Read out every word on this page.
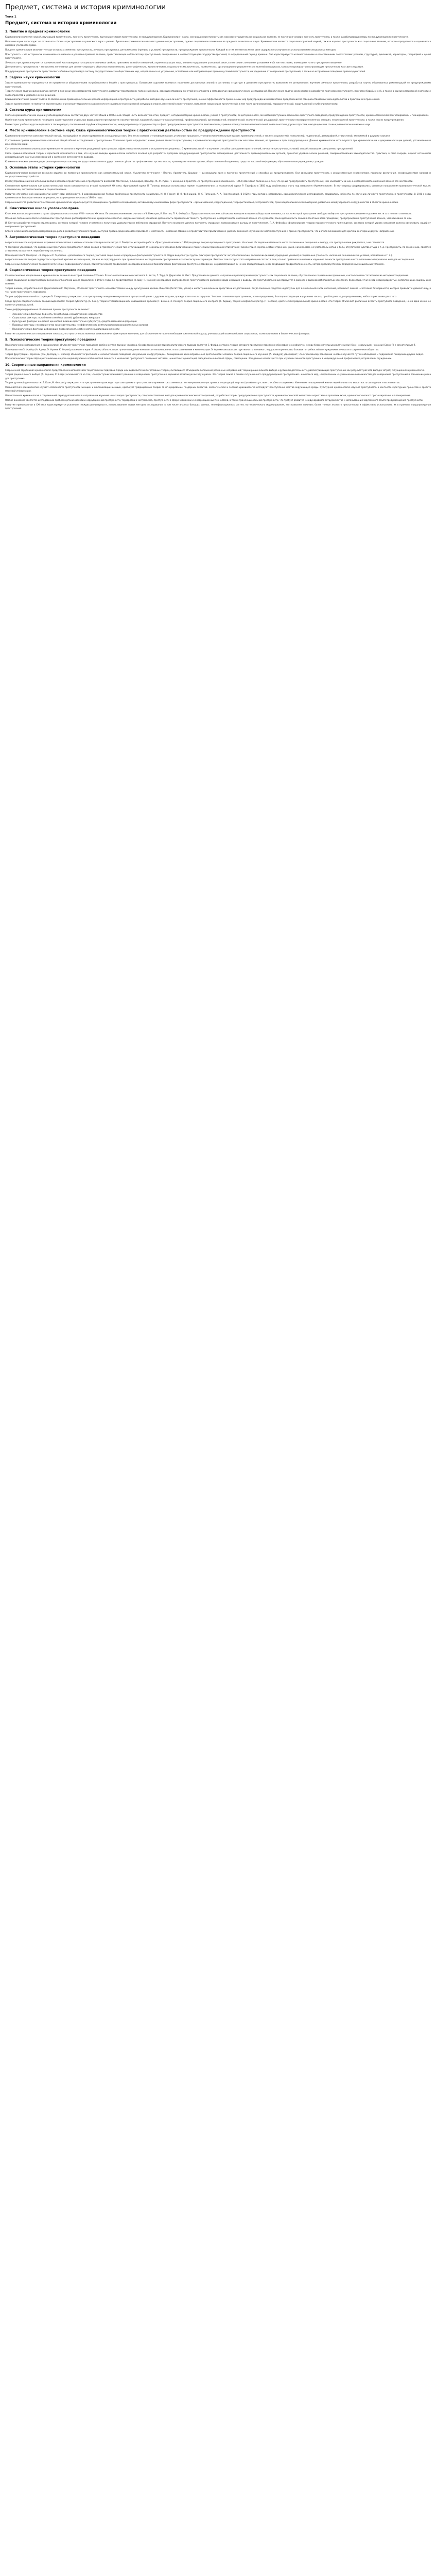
Предмет, система и история криминологии
Тема 1
Предмет, система и история криминологии
1. Понятие и предмет криминологии

Криминология является наукой, изучающей преступность, личность преступника, причины и условия преступности, ее предупреждение. Криминология – наука, изучающая преступность как массовое отрицательное социальное явление, ее причины и условия, личность преступника, а также вырабатывающая меры по предупреждению преступности.

Название науки происходит от латинского crimen – преступление и греческого logos – учение. Буквально криминология означает учение о преступлении, однако современное понимание ее предмета значительно шире. Криминология является социально-правовой наукой, так как изучает преступность как социальное явление, которое определяется и оценивается нормами уголовного права.

Предмет криминологии включает четыре основных элемента: преступность, личность преступника, детерминанты (причины и условия) преступности, предупреждение преступности. Каждый из этих элементов имеет свое содержание и изучается с использованием специальных методов.

Преступность – это исторически изменчивое социальное и уголовно-правовое явление, представляющее собой систему преступлений, совершенных в соответствующем государстве (регионе) за определенный период времени. Она характеризуется количественными и качественными показателями: уровнем, структурой, динамикой, характером, географией и ценой преступности.

Личность преступника изучается криминологией как совокупность социально значимых свойств, признаков, связей и отношений, характеризующих лицо, виновно нарушившее уголовный закон, в сочетании с внешними условиями и обстоятельствами, влияющими на его преступное поведение.

Детерминанты преступности – это система негативных для соответствующего общества экономических, демографических, идеологических, социально-психологических, политических, организационно-управленческих явлений и процессов, которые порождают и воспроизводят преступность как свое следствие.

Предупреждение преступности представляет собой многоуровневую систему государственных и общественных мер, направленных на устранение, ослабление или нейтрализацию причин и условий преступности, на удержание от совершения преступлений, а также на исправление поведения правонарушителей.

2. Задачи науки криминологии

Задачи криминологии определяются ее предметом и общественными потребностями в борьбе с преступностью. Основными задачами являются: получение достоверных знаний о состоянии, структуре и динамике преступности; выявление ее детерминант; изучение личности преступника; разработка научно обоснованных рекомендаций по предупреждению преступлений.

Теоретические задачи криминологии состоят в познании закономерностей преступности, развитии теоретических положений науки, совершенствовании понятийного аппарата и методологии криминологических исследований. Практические задачи заключаются в разработке прогнозов преступности, программ борьбы с ней, а также в криминологической экспертизе законопроектов и управленческих решений.

Криминология также решает задачи по обеспечению правоохранительных органов информацией о преступности, разработке методик изучения личности преступника, оценке эффективности применяемых мер предупреждения и подготовке предложений по совершенствованию законодательства и практики его применения.

Задачи криминологии не являются неизменными: они конкретизируются в зависимости от социально-экономической ситуации в стране, изменений в преступности, появления новых видов преступлений, в том числе организованной, террористической, коррупционной и киберпреступности.

3. Система курса криминологии

Система криминологии как науки и учебной дисциплины состоит из двух частей: Общей и Особенной. Общая часть включает понятие, предмет, методы и историю криминологии, учение о преступности, ее детерминантах, личности преступника, механизме преступного поведения, предупреждении преступности, криминологическом прогнозировании и планировании.

Особенная часть криминологии посвящена характеристике отдельных видов и групп преступности: насильственной, корыстной, корыстно-насильственной, профессиональной, организованной, экономической, экологической, рецидивной, преступности несовершеннолетних, женщин, неосторожной преступности, а также мер их предупреждения.

В некоторых учебных курсах выделяется также раздел, посвященный зарубежной криминологии, международному сотрудничеству в сфере предупреждения преступности, виктимологии, криминологии уголовно-исполнительной деятельности и другим отраслям, находящимся на стыке криминологии и смежных наук.

4. Место криминологии в системе наук. Связь криминологической теории с практической деятельностью по предупреждению преступности

Криминология является самостоятельной наукой, находящейся на стыке юридических и социальных наук. Она тесно связана с уголовным правом, уголовным процессом, уголовно-исполнительным правом, криминалистикой, а также с социологией, психологией, педагогикой, демографией, статистикой, экономикой и другими науками.

С уголовным правом криминологию связывает общий объект исследования – преступление. Уголовное право определяет, какие деяния являются преступными, а криминология изучает преступность как массовое явление, ее причины и пути предупреждения. Данные криминологии используются при криминализации и декриминализации деяний, установлении и изменении санкций.

С уголовно-исполнительным правом криминология связана в изучении рецидивной преступности, эффективности наказания и исправления осужденных. С криминалистикой – в изучении способов совершения преступлений, личности преступника, условий, способствовавших совершению преступлений.

Связь криминологической теории с практикой проявляется в том, что научные выводы криминологии являются основой для разработки программ предупреждения преступности, планирования деятельности правоохранительных органов, принятия управленческих решений, совершенствования законодательства. Практика, в свою очередь, служит источником информации для научных исследований и критерием истинности их выводов.

Криминологические рекомендации реализуются через систему государственных и негосударственных субъектов профилактики: органы власти, правоохранительные органы, общественные объединения, средства массовой информации, образовательные учреждения, граждан.

5. Основные этапы истории криминологии

Криминологические воззрения возникли задолго до появления криминологии как самостоятельной науки. Мыслители античности – Платон, Аристотель, Цицерон – высказывали идеи о причинах преступлений и способах их предупреждения. Они связывали преступность с имущественным неравенством, пороками воспитания, несовершенством законов и государственного устройства.

В эпоху Просвещения значительный вклад в развитие представлений о преступности внесли Ш. Монтескье, Ч. Беккариа, Вольтер, Ж.-Ж. Руссо. Ч. Беккариа в трактате «О преступлениях и наказаниях» (1764) обосновал положение о том, что лучше предупреждать преступления, чем наказывать за них, а неотвратимость наказания важнее его жестокости.

Становление криминологии как самостоятельной науки связывается со второй половиной XIX века. Французский юрист П. Топинар впервые использовал термин «криминология», а итальянский юрист Р. Гарофало в 1885 году опубликовал книгу под названием «Криминология». В этот период сформировались основные направления криминологической мысли: классическое, антропологическое и социологическое.

Развитие отечественной криминологии имеет свои особенности. В дореволюционной России проблемами преступности занимались М. Н. Гернет, И. Я. Фойницкий, Н. С. Таганцев, А. А. Пионтковский. В 1920-е годы активно развивались криминологические исследования, создавались кабинеты по изучению личности преступника и преступности. В 1930-е годы криминология была фактически запрещена, ее возрождение началось в 1960-е годы.

Современный этап развития отечественной криминологии характеризуется расширением предмета исследований, активным изучением новых форм преступности – организованной, коррупционной, террористической, экстремистской, транснациональной и компьютерной, развитием международного сотрудничества в области криминологии.

6. Классическая школа уголовного права

Классическая школа уголовного права сформировалась в конце XVIII – начале XIX века. Ее основоположниками считаются Ч. Беккариа, И. Бентам, П. А. Фейербах. Представители классической школы исходили из идеи свободы воли человека, согласно которой преступник свободно выбирает преступное поведение и должен нести за это ответственность.

Основные положения классической школы: преступление рассматривается как юридическое понятие, нарушение закона; наказание должно быть соразмерным тяжести преступления; неотвратимость наказания важнее его суровости; закон должен быть ясным и понятным всем гражданам; предупреждение преступлений важнее, чем наказание за них.

И. Бентам разработал теорию утилитаризма, согласно которой человек стремится к получению удовольствия и избеганию страданий. Поэтому наказание должно причинять страдание, превосходящее выгоду от преступления. П. А. Фейербах сформулировал теорию психологического принуждения, согласно которой угроза наказания должна удерживать людей от совершения преступлений.

Классическая школа сыграла прогрессивную роль в развитии уголовного права, выступив против средневекового произвола и жестокости наказаний. Однако ее представители практически не уделяли внимания изучению личности преступника и причин преступности, что и стало основанием для критики со стороны других направлений.

7. Антропологическая теория преступного поведения

Антропологическое направление в криминологии связано с именем итальянского врача-психиатра Ч. Ломброзо, который в работе «Преступный человек» (1876) выдвинул теорию врожденного преступника. На основе обследования большого числа заключенных он пришел к выводу, что преступниками рождаются, а не становятся.

Ч. Ломброзо утверждал, что врожденный преступник представляет собой особый антропологический тип, отличающийся от нормального человека физическими и психическими признаками (стигматами): асимметрией черепа, особым строением ушей, низким лбом, нечувствительностью к боли, отсутствием чувства стыда и т. д. Преступность, по его мнению, является атавизмом, возвратом к первобытному состоянию.

Последователи Ч. Ломброзо – Э. Ферри и Р. Гарофало – дополнили его теорию, учитывая социальные и природные факторы преступности. Э. Ферри выделял три группы факторов преступности: антропологические, физические (климат, природные условия) и социальные (плотность населения, экономические условия, воспитание и т. п.).

Антропологическая теория подверглась серьезной критике как ненаучная, так как не подтвердилась при сравнительных исследованиях преступников и законопослушных граждан. Вместе с тем заслуга этого направления состоит в том, что оно привлекло внимание к изучению личности преступника и использованию эмпирических методов исследования.

Современные биологические теории (генетические, эндокринологические, психиатрические) продолжают исследования влияния биологических факторов на преступное поведение, но рассматривают их не как определяющие, а как создающие предрасположенность, которая реализуется при определенных социальных условиях.

8. Социологическая теория преступного поведения

Социологическое направление в криминологии возникло во второй половине XIX века. Его основоположниками считаются А. Кетле, Г. Тард, Э. Дюркгейм, Ф. Лист. Представители данного направления рассматривали преступность как социальное явление, обусловленное социальными причинами, и использовали статистические методы исследования.

Теория социальной дезорганизации возникла в Чикагской школе социологии в 1920-е годы. Ее представители (К. Шоу, Г. Маккей) исследовали распределение преступности по районам города и пришли к выводу, что преступность концентрируется в районах с высокой мобильностью населения, бедностью, этнической неоднородностью, ослабленными социальными связями.

Теория аномии, разработанная Э. Дюркгеймом и Р. Мертоном, объясняет преступность несоответствием между культурными целями общества (богатство, успех) и институциональными средствами их достижения. Когда законные средства недоступны для значительной части населения, возникает аномия – состояние безнормности, которое приводит к девиантному, в том числе преступному, поведению.

Теория дифференциальной ассоциации Э. Сатерленда утверждает, что преступному поведению научаются в процессе общения с другими людьми, прежде всего в малых группах. Человек становится преступником, если определения, благоприятствующие нарушению закона, преобладают над определениями, неблагоприятными для этого.

Среди других социологических теорий выделяются: теория субкультур (А. Коэн), теория стигматизации или навешивания ярлыков (Г. Беккер, Э. Лемерт), теория социального контроля (Т. Хирши), теория конфликта культур (Т. Селлин), критическая (радикальная) криминология. Эти теории объясняют различные аспекты преступного поведения, но ни одна из них не является универсальной.

Такие дифференцированные объяснения причин преступности включают:

• Экономические факторы: бедность, безработица, имущественное неравенство
• Социальные факторы: ослабление семейных связей, урбанизация, миграция
• Культурные факторы: конфликт ценностей, влияние преступных субкультур, средств массовой информации
• Правовые факторы: несовершенство законодательства, неэффективность деятельности правоохранительных органов
• Психологические факторы: деформация правосознания, особенности социализации личности

Развитие социологического направления показало, что преступность является сложным многофакторным явлением, для объяснения которого необходим комплексный подход, учитывающий взаимодействие социальных, психологических и биологических факторов.

9. Психологические теории преступного поведения

Психологическое направление в криминологии объясняет преступное поведение особенностями психики человека. Основоположником психоаналитического подхода является З. Фрейд, согласно теории которого преступное поведение обусловлено конфликтом между бессознательными влечениями (Оно), моральными нормами (Сверх-Я) и сознательным Я.

Последователи З. Фрейда (А. Адлер, Э. Фромм, К. Хорни) развили его идеи. А. Адлер объяснял преступное поведение комплексом неполноценности и стремлением к компенсации. Э. Фромм связывал деструктивность человека с неудовлетворенностью базовых потребностей и отчуждением личности в современном обществе.

Теория фрустрации – агрессии (Дж. Доллард, Н. Миллер) объясняет агрессивное и насильственное поведение как реакцию на фрустрацию – блокирование целенаправленной деятельности человека. Теория социального научения (А. Бандура) утверждает, что агрессивному поведению человек научается путем наблюдения и подражания поведению других людей.

Психологические теории обращают внимание на роль индивидуальных особенностей личности в механизме преступного поведения: мотивов, ценностных ориентаций, эмоционально-волевой сферы, самооценки. Эти данные используются при изучении личности преступника, в индивидуальной профилактике, исправлении осужденных.

10. Современные направления криминологии

Современная зарубежная криминология представлена многообразием теоретических подходов. Среди них выделяются интегративные теории, пытающиеся объединить положения различных направлений; теории рационального выбора и рутинной деятельности, рассматривающие преступление как результат расчета выгод и затрат; ситуационная криминология.

Теория рационального выбора (Д. Корниш, Р. Кларк) основывается на том, что преступник принимает решение о совершении преступления, оценивая возможную выгоду и риски. Эта теория лежит в основе ситуационного предупреждения преступлений – комплекса мер, направленных на уменьшение возможностей для совершения преступлений и повышение риска для преступника.

Теория рутинной деятельности (Л. Коэн, М. Фелсон) утверждает, что преступление происходит при совпадении в пространстве и времени трех элементов: мотивированного преступника, подходящей жертвы (цели) и отсутствия способного защитника. Изменения повседневной жизни людей влияют на вероятность совпадения этих элементов.

Феминистская криминология изучает особенности преступности женщин и виктимизации женщин, критикует традиционные теории за игнорирование гендерных аспектов. Экологическая и зеленая криминология исследуют преступления против окружающей среды. Культурная криминология изучает преступность в контексте культурных процессов и средств массовой информации.

Отечественная криминология в современный период развивается в направлении изучения новых видов преступности, совершенствования методов криминологических исследований, разработки теории предупреждения преступности, криминологической экспертизы нормативных правовых актов, криминологического прогнозирования и планирования.

Особое внимание уделяется исследованию проблем организованной и коррупционной преступности, терроризма и экстремизма, преступности в сфере экономики и информационных технологий, а также транснациональной преступности, что требует развития международного сотрудничества и использования зарубежного опыта предупреждения преступности.

Развитие криминологии в XXI веке характеризуется усилением междисциплинарности, использованием новых методов исследования, в том числе анализа больших данных, геоинформационных систем, математического моделирования, что позволяет получать более точные знания о преступности и эффективно использовать их в практике предупреждения преступлений.
